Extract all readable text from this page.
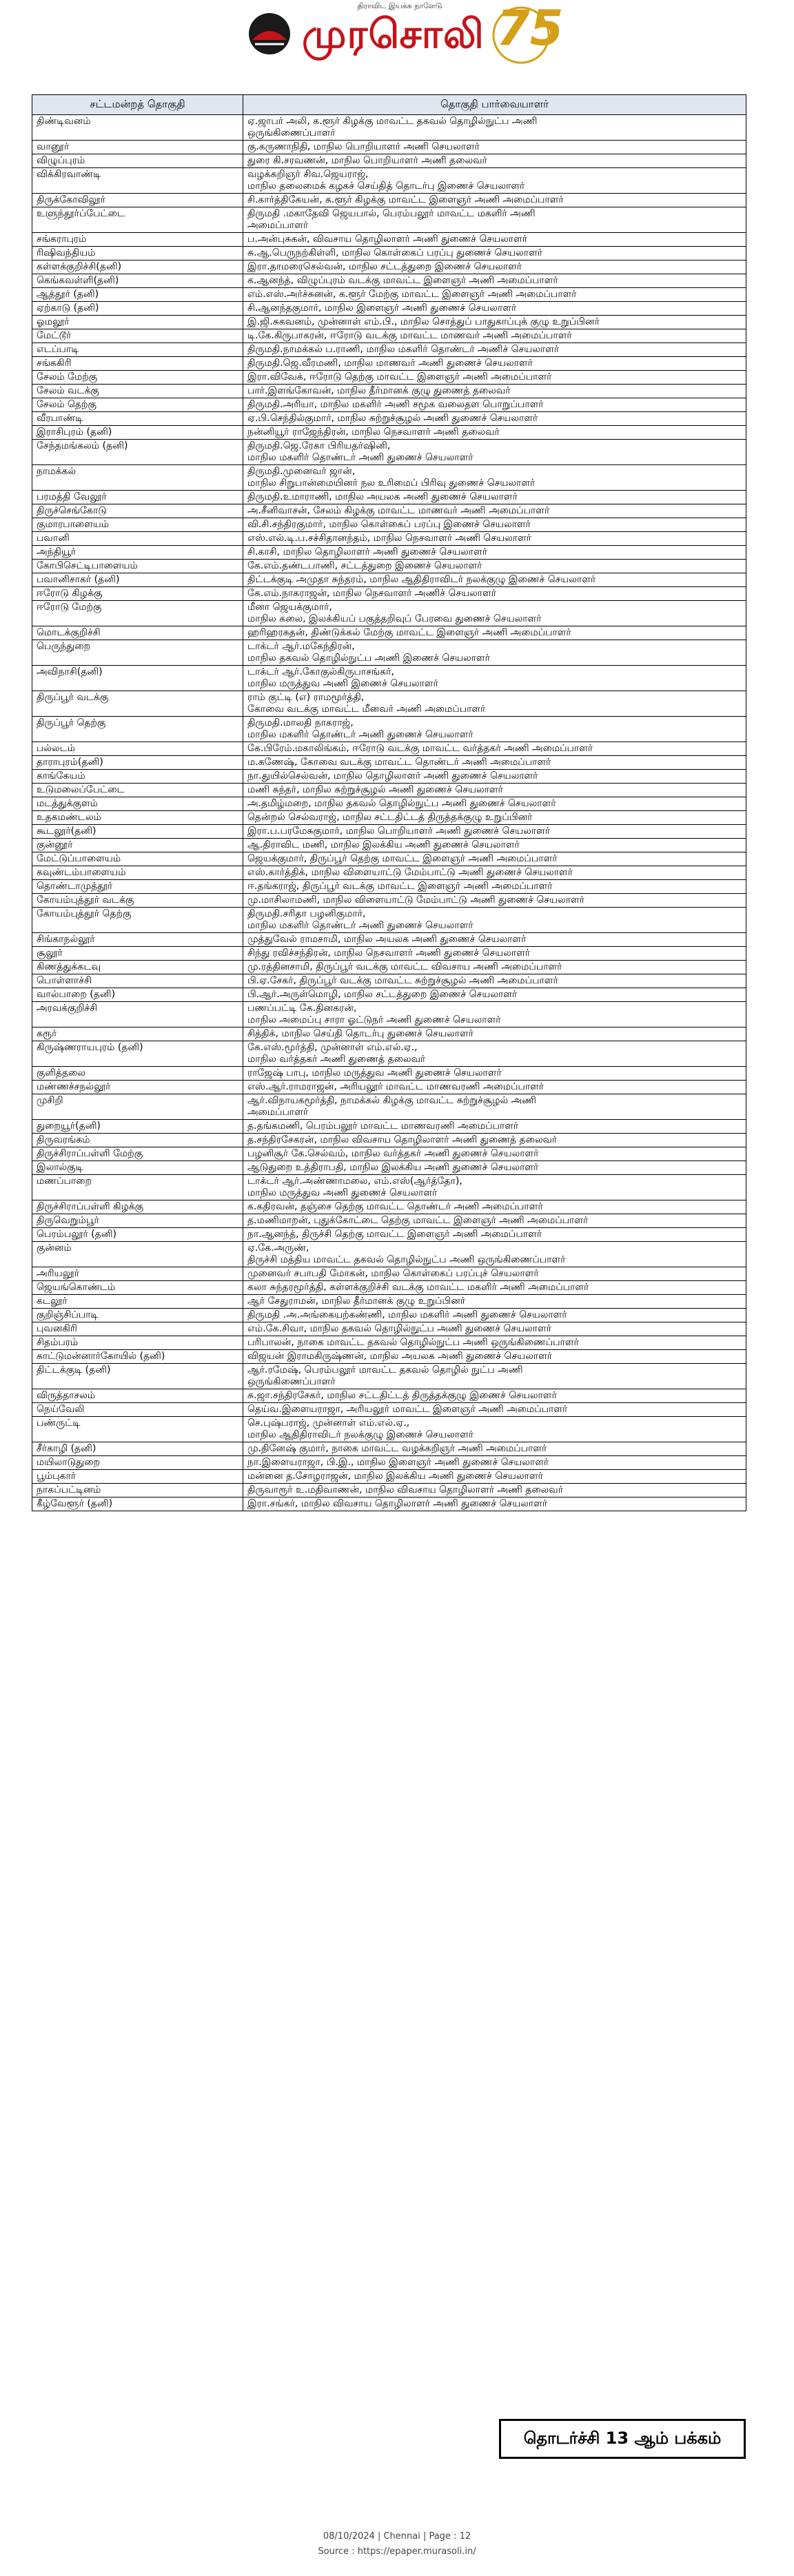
திராவிட இயக்க நாளேடு
முரசொலி 75
சட்டமன்றத் தொகுதி	தொகுதி பார்வையாளர்
திண்டிவனம்	ஏ.ஜாபர் அலி, க.ளூர் கிழக்கு மாவட்ட தகவல் தொழில்நுட்ப அணி
ஒருங்கிணைப்பாளர்
வானூர்	கு.கருணாநிதி, மாநில பொறியாளர் அணி செயலாளர்
விழுப்புரம்	துரை கி.சரவணன், மாநில பொறியாளர் அணி தலைவர்
விக்கிரவாண்டி	வழக்கறிஞர் சிவ.ஜெயராஜ்,
மாநில தலைமைக் கழகச் செய்தித் தொடர்பு இணைச் செயலாளர்
திருக்கோவிலூர்	சி.கார்த்திகேயன், க.ளூர் கிழக்கு மாவட்ட இளைஞர் அணி அமைப்பாளர்
உளுந்தூர்ப்பேட்டை	திருமதி .மகாதேவி ஜெயபால், பெரம்பலூர் மாவட்ட மகளிர் அணி
அமைப்பாளர்
சங்கராபுரம்	ப.அன்புசுகன், விவசாய தொழிலாளர் அணி துணைச் செயலாளர்
ரிஷிவந்தியம்	சு.ஆ.பெருநற்கிள்ளி, மாநில கொள்கைப் பரப்பு துணைச் செயலாளர்
கள்ளக்குறிச்சி(தனி)	இரா.தாமரைசெல்வன், மாநில சட்டத்துறை இணைச் செயலாளர்
கெங்கவள்ளி(தனி)	க.ஆனந்த், விழுப்புரம் வடக்கு மாவட்ட இளைஞர் அணி அமைப்பாளர்
ஆத்தூர் (தனி)	எம்.எஸ்.அர்ச்சுனன், க.ளூர் மேற்கு மாவட்ட இளைஞர் அணி அமைப்பாளர்
ஏற்காடு (தனி)	சி.ஆனந்தகுமார், மாநில இளைஞர் அணி துணைச் செயலாளர்
ஓமலூர்	இ.ஜி.சுகவனம், முன்னாள் எம்.பி., மாநில சொத்துப் பாதுகாப்புக் குழு உறுப்பினர்
மேட்டூர்	டி.கே.கிருபாகரன், ஈரோடு வடக்கு மாவட்ட மாணவர் அணி அமைப்பாளர்
எடப்பாடி	திருமதி.நாமக்கல் ப.ராணி, மாநில மகளிர் தொண்டர் அணிச் செயலாளர்
சங்ககிரி	திருமதி.ஜெ.வீரமணி, மாநில மாணவர் அணி துணைச் செயலாளர்
சேலம் மேற்கு	இரா.விவேக், ஈரோடு தெற்கு மாவட்ட இளைஞர் அணி அமைப்பாளர்
சேலம் வடக்கு	பார்.இளங்கோவன், மாநில தீர்மானக் குழு துணைத் தலைவர்
சேலம் தெற்கு	திருமதி.அரியா, மாநில மகளிர் அணி சமூக வலைதள பொறுப்பாளர்
வீரபாண்டி	ஏ.பி.செந்தில்குமார், மாநில சுற்றுச்சூழல் அணி துணைச் செயலாளர்
இராசிபுரம் (தனி)	நன்னியூர் ராஜேந்திரன், மாநில நெசவாளர் அணி தலைவர்
சேந்தமங்கலம் (தனி)	திருமதி.ஜெ.ரேகா பிரியதர்ஷினி,
மாநில மகளிர் தொண்டர் அணி துணைச் செயலாளர்
நாமக்கல்	திருமதி.முனைவர் ஜான்,
மாநில சிறுபான்மையினர் நல உரிமைப் பிரிவு துணைச் செயலாளர்
பரமத்தி வேலூர்	திருமதி.உமாராணி, மாநில அயலக அணி துணைச் செயலாளர்
திருச்செங்கோடு	அ.சீனிவாசன், சேலம் கிழக்கு மாவட்ட மாணவர் அணி அமைப்பாளர்
குமாரபாளையம்	வி.சி.சந்திரகுமார், மாநில கொள்கைப் பரப்பு இணைச் செயலாளர்
பவானி	எஸ்.எல்.டி.ப.சச்சிதானந்தம், மாநில நெசவாளர் அணி செயலாளர்
அந்தியூர்	சி.காசி, மாநில தொழிலாளர் அணி துணைச் செயலாளர்
கோபிசெட்டிபாளையம்	கே.எம்.தண்டபாணி, சட்டத்துறை இணைச் செயலாளர்
பவானிசாகர் (தனி)	திட்டக்குடி அமுதா சுந்தரம், மாநில ஆதிதிராவிடர் நலக்குழு இணைச் செயலாளர்
ஈரோடு கிழக்கு	கே.எம்.நாகராஜன், மாநில நெசவாளர் அணிச் செயலாளர்
ஈரோடு மேற்கு	மீனா ஜெயக்குமார்,
மாநில கலை, இலக்கியப் பகுத்தறிவுப் பேரவை துணைச் செயலாளர்
மொடக்குறிச்சி	ஹரிஹரசுதன், திண்டுக்கல் மேற்கு மாவட்ட இளைஞர் அணி அமைப்பாளர்
பெருந்துறை	டாக்டர் ஆர்.மகேந்திரன்,
மாநில தகவல் தொழில்நுட்ப அணி இணைச் செயலாளர்
அவிநாசி(தனி)	டாக்டர் ஆர்.கோகுல்கிருபாசங்கர்,
மாநில மருத்துவ அணி இணைச் செயலாளர்
திருப்பூர் வடக்கு	ராம் குட்டி (எ) ராமமூர்த்தி,
கோவை வடக்கு மாவட்ட மீனவர் அணி அமைப்பாளர்
திருப்பூர் தெற்கு	திருமதி.மாலதி நாகராஜ்,
மாநில மகளிர் தொண்டர் அணி துணைச் செயலாளர்
பல்லடம்	கே.பிரேம்.மகாலிங்கம், ஈரோடு வடக்கு மாவட்ட வர்த்தகர் அணி அமைப்பாளர்
தாராபுரம்(தனி)	ம.கணேஷ், கோவை வடக்கு மாவட்ட தொண்டர் அணி அமைப்பாளர்
காங்கேயம்	நா.துயில்செல்வன், மாநில தொழிலாளர் அணி துணைச் செயலாளர்
உடுமலைப்பேட்டை	மணி சுந்தர், மாநில சுற்றுச்சூழல் அணி துணைச் செயலாளர்
மடத்துக்குளம்	அ.தமிழ்மறை, மாநில தகவல் தொழில்நுட்ப அணி துணைச் செயலாளர்
உதகமண்டலம்	தென்றல் செல்வராஜ், மாநில சட்டதிட்டத் திருத்தக்குழு உறுப்பினர்
கூடலூர்(தனி)	இரா.ப.பரமேசுகுமார், மாநில பொறியாளர் அணி துணைச் செயலாளர்
குன்னூர்	ஆ.திராவிட மணி, மாநில இலக்கிய அணி துணைச் செயலாளர்
மேட்டுப்பாளையம்	ஜெயக்குமார், திருப்பூர் தெற்கு மாவட்ட இளைஞர் அணி அமைப்பாளர்
கவுண்டம்பாளையம்	எஸ்.கார்த்திக், மாநில விளையாட்டு மேம்பாட்டு அணி துணைச் செயலாளர்
தொண்டாமுத்தூர்	ஈ.தங்கராஜ், திருப்பூர் வடக்கு மாவட்ட இளைஞர் அணி அமைப்பாளர்
கோயம்புத்தூர் வடக்கு	மு.மாசிலாமணி, மாநில விளையாட்டு மேம்பாட்டு அணி துணைச் செயலாளர்
கோயம்புத்தூர் தெற்கு	திருமதி.சரிதா பழனிகுமார்,
மாநில மகளிர் தொண்டர் அணி துணைச் செயலாளர்
சிங்காநல்லூர்	முத்துவேல் ராமசாமி, மாநில அயலக அணி துணைச் செயலாளர்
சூலூர்	சிந்து ரவிச்சந்திரன், மாநில நெசவாளர் அணி துணைச் செயலாளர்
கிணத்துக்கடவு	மு.ரத்தினசாமி, திருப்பூர் வடக்கு மாவட்ட விவசாய அணி அமைப்பாளர்
பொள்ளாச்சி	பி.ஏ.சேகர், திருப்பூர் வடக்கு மாவட்ட சுற்றுச்சூழல் அணி அமைப்பாளர்
வால்பாறை (தனி)	பி.ஆர்.அருள்மொழி, மாநில சட்டத்துறை இணைச் செயலாளர்
அரவக்குறிச்சி	பணப்பட்டி கே.தினகரன்,
மாநில அமைப்பு சாரா ஓட்டுநர் அணி துணைச் செயலாளர்
கரூர்	சித்திக், மாநில செய்தி தொடர்பு துணைச் செயலாளர்
கிருஷ்ணராயபுரம் (தனி)	கே.எஸ்.மூர்த்தி, முன்னாள் எம்.எல்.ஏ.,
மாநில வர்த்தகர் அணி துணைத் தலைவர்
குளித்தலை	ராஜேஷ் பாபு, மாநில மருத்துவ அணி துணைச் செயலாளர்
மண்ணச்சநல்லூர்	எஸ்.ஆர்.ராமராஜன், அரியலூர் மாவட்ட மாணவரணி அமைப்பாளர்
முசிறி	ஆர்.விநாயகமூர்த்தி, நாமக்கல் கிழக்கு மாவட்ட சுற்றுச்சூழல் அணி
அமைப்பாளர்
துறையூர்(தனி)	த.தங்கமணி, பெரம்பலூர் மாவட்ட மாணவரணி அமைப்பாளர்
திருவரங்கம்	த.சந்திரசேகரன், மாநில விவசாய தொழிலாளர் அணி துணைத் தலைவர்
திருச்சிராப்பள்ளி மேற்கு	பழனிசூர் கே.செல்வம், மாநில வர்த்தகர் அணி துணைச் செயலாளர்
இலால்குடி	ஆடுதுறை உத்திராபதி, மாநில இலக்கிய அணி துணைச் செயலாளர்
மணப்பாறை	டாக்டர் ஆர்.அண்ணாமலை, எம்.எஸ்(ஆர்த்தோ),
மாநில மருத்துவ அணி துணைச் செயலாளர்
திருச்சிராப்பள்ளி கிழக்கு	க.கதிரவன், தஞ்சை தெற்கு மாவட்ட தொண்டர் அணி அமைப்பாளர்
திருவெறும்பூர்	த.மணிமாறன், புதுக்கோட்டை தெற்கு மாவட்ட இளைஞர் அணி அமைப்பாளர்
பெரம்பலூர் (தனி)	நா.ஆனந்த், திருச்சி தெற்கு மாவட்ட இளைஞர் அணி அமைப்பாளர்
குன்னம்	ஏ.கே.அருண்,
திருச்சி மத்திய மாவட்ட தகவல் தொழில்நுட்ப அணி ஒருங்கிணைப்பாளர்
அரியலூர்	முனைவர் சபாபதி மோகன், மாநில கொள்கைப் பரப்புச் செயலாளர்
ஜெயங்கொண்டம்	கலா சுந்தரமூர்த்தி, கள்ளக்குறிச்சி வடக்கு மாவட்ட மகளிர் அணி அமைப்பாளர்
கடலூர்	ஆர் சேதுராமன், மாநில தீர்மானக் குழு உறுப்பினர்
குறிஞ்சிப்பாடி	திருமதி .அ.அங்கையற்கண்ணி, மாநில மகளிர் அணி துணைச் செயலாளர்
புவனகிரி	எம்.கே.சிவா, மாநில தகவல் தொழில்நுட்ப அணி துணைச் செயலாளர்
சிதம்பரம்	பரிபாலன், நாகை மாவட்ட தகவல் தொழில்நுட்ப அணி ஒருங்கிணைப்பாளர்
காட்டுமன்னார்கோயில் (தனி)	விஜயன் இராமகிருஷ்ணன், மாநில அயலக அணி துணைச் செயலாளர்
திட்டக்குடி (தனி)	ஆர்.ரமேஷ், பெரம்பலூர் மாவட்ட தகவல் தொழில் நுட்ப அணி
ஒருங்கிணைப்பாளர்
விருத்தாசலம்	சு.ஜா.சந்திரசேகர், மாநில சட்டதிட்டத் திருத்தக்குழு இணைச் செயலாளர்
நெய்வேலி	தெய்வ.இளையராஜா, அரியலூர் மாவட்ட இளைஞர் அணி அமைப்பாளர்
பண்ருட்டி	செ.புஷ்பராஜ், முன்னாள் எம்.எல்.ஏ.,
மாநில ஆதிதிராவிடர் நலக்குழு இணைச் செயலாளர்
சீர்காழி (தனி)	மு.தினேஷ் குமார், நாகை மாவட்ட வழக்கறிஞர் அணி அமைப்பாளர்
மயிலாடுதுறை	நா.இளையராஜா, பி.இ., மாநில இளைஞர் அணி துணைச் செயலாளர்
பூம்புகார்	மன்னை த.சோழராஜன், மாநில இலக்கிய அணி துணைச் செயலாளர்
நாகப்பட்டினம்	திருவாரூர் உ.மதிவாணன், மாநில விவசாய தொழிலாளர் அணி தலைவர்
கீழ்வேளூர் (தனி)	இரா.சங்கர், மாநில விவசாய தொழிலாளர் அணி துணைச் செயலாளர்
தொடர்ச்சி 13 ஆம் பக்கம்
08/10/2024 | Chennai | Page : 12
Source : https://epaper.murasoli.in/
